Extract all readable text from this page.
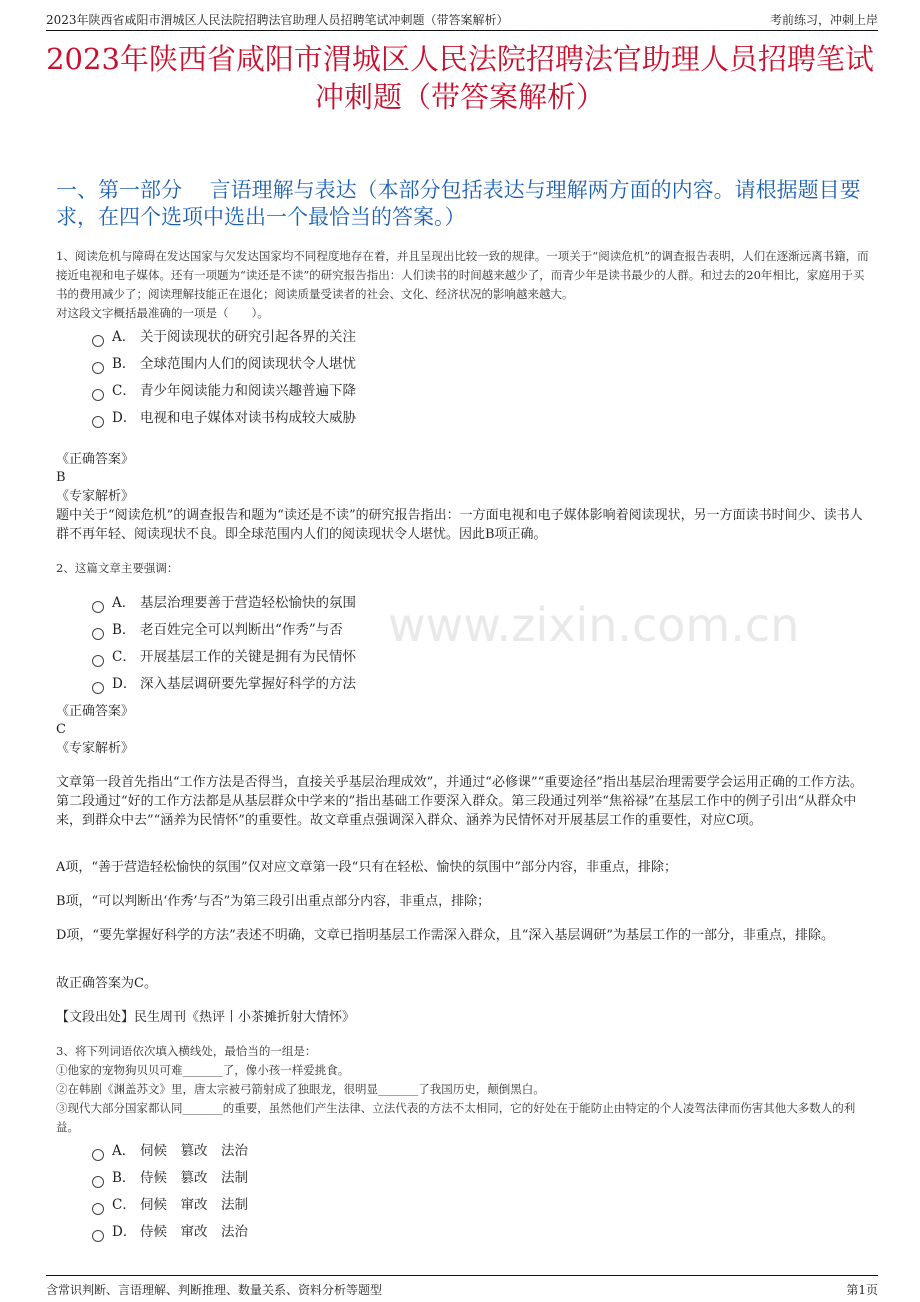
2023年陕西省咸阳市渭城区人民法院招聘法官助理人员招聘笔试冲刺题（带答案解析）	考前练习，冲刺上岸
www.zixin.com.cn
2023年陕西省咸阳市渭城区人民法院招聘法官助理人员招聘笔试冲刺题（带答案解析）
一、第一部分　 言语理解与表达（本部分包括表达与理解两方面的内容。请根据题目要求，在四个选项中选出一个最恰当的答案。）
1、阅读危机与障碍在发达国家与欠发达国家均不同程度地存在着，并且呈现出比较一致的规律。一项关于“阅读危机”的调查报告表明，人们在逐渐远离书籍，而接近电视和电子媒体。还有一项题为“读还是不读”的研究报告指出：人们读书的时间越来越少了，而青少年是读书最少的人群。和过去的20年相比，家庭用于买书的费用减少了；阅读理解技能正在退化；阅读质量受读者的社会、文化、经济状况的影响越来越大。
对这段文字概括最准确的一项是（　　）。
A． 关于阅读现状的研究引起各界的关注
B． 全球范围内人们的阅读现状令人堪忧
C． 青少年阅读能力和阅读兴趣普遍下降
D． 电视和电子媒体对读书构成较大威胁
《正确答案》
B
《专家解析》
题中关于“阅读危机”的调查报告和题为“读还是不读”的研究报告指出：一方面电视和电子媒体影响着阅读现状，另一方面读书时间少、读书人群不再年轻、阅读现状不良。即全球范围内人们的阅读现状令人堪忧。因此B项正确。
2、这篇文章主要强调：
A． 基层治理要善于营造轻松愉快的氛围
B． 老百姓完全可以判断出“作秀”与否
C． 开展基层工作的关键是拥有为民情怀
D． 深入基层调研要先掌握好科学的方法
《正确答案》
C
《专家解析》
文章第一段首先指出“工作方法是否得当，直接关乎基层治理成效”，并通过“必修课”“重要途径”指出基层治理需要学会运用正确的工作方法。第二段通过“好的工作方法都是从基层群众中学来的”指出基础工作要深入群众。第三段通过列举“焦裕禄”在基层工作中的例子引出“从群众中来，到群众中去”“涵养为民情怀”的重要性。故文章重点强调深入群众、涵养为民情怀对开展基层工作的重要性，对应C项。
A项，“善于营造轻松愉快的氛围”仅对应文章第一段“只有在轻松、愉快的氛围中”部分内容，非重点，排除；
B项，“可以判断出‘作秀’与否”为第三段引出重点部分内容，非重点，排除；
D项，“要先掌握好科学的方法”表述不明确，文章已指明基层工作需深入群众，且“深入基层调研”为基层工作的一部分，非重点，排除。
故正确答案为C。
【文段出处】民生周刊《热评丨小茶摊折射大情怀》
3、将下列词语依次填入横线处，最恰当的一组是：
①他家的宠物狗贝贝可难_______了，像小孩一样爱挑食。
②在韩剧《渊盖苏文》里，唐太宗被弓箭射成了独眼龙，很明显_______了我国历史，颠倒黑白。
③现代大部分国家都认同_______的重要，虽然他们产生法律、立法代表的方法不太相同，它的好处在于能防止由特定的个人凌驾法律而伤害其他大多数人的利益。
A． 伺候　篡改　法治
B． 侍候　篡改　法制
C． 伺候　窜改　法制
D． 侍候　窜改　法治
含常识判断、言语理解、判断推理、数量关系、资料分析等题型	第1页
